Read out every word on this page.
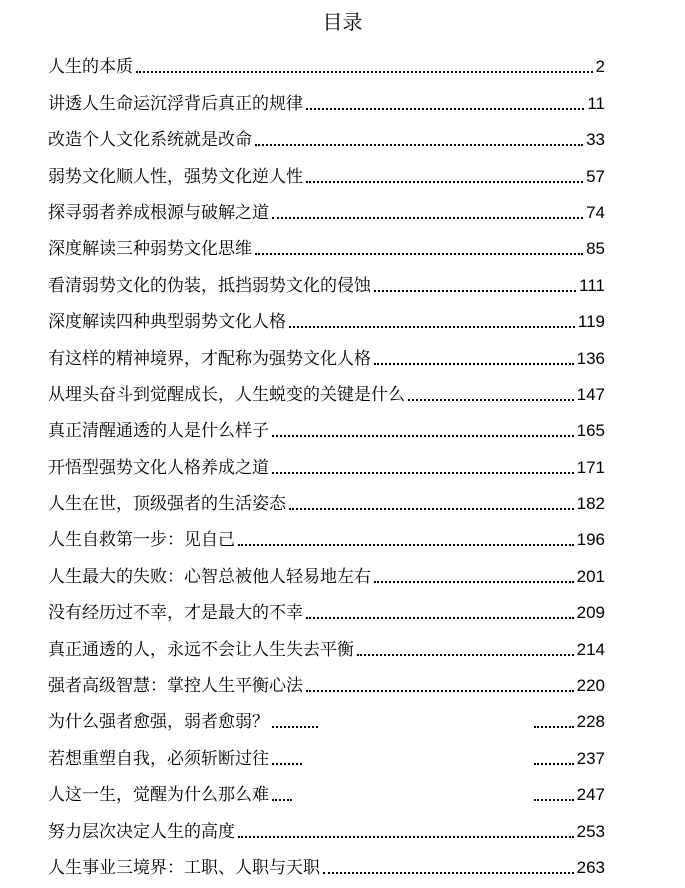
目录
人生的本质	2
讲透人生命运沉浮背后真正的规律	11
改造个人文化系统就是改命	33
弱势文化顺人性，强势文化逆人性	57
探寻弱者养成根源与破解之道	74
深度解读三种弱势文化思维	85
看清弱势文化的伪装，抵挡弱势文化的侵蚀	111
深度解读四种典型弱势文化人格	119
有这样的精神境界，才配称为强势文化人格	136
从埋头奋斗到觉醒成长，人生蜕变的关键是什么	147
真正清醒通透的人是什么样子	165
开悟型强势文化人格养成之道	171
人生在世，顶级强者的生活姿态	182
人生自救第一步：见自己	196
人生最大的失败：心智总被他人轻易地左右	201
没有经历过不幸，才是最大的不幸	209
真正通透的人，永远不会让人生失去平衡	214
强者高级智慧：掌控人生平衡心法	220
为什么强者愈强，弱者愈弱？	228
若想重塑自我，必须斩断过往	237
人这一生，觉醒为什么那么难	247
努力层次决定人生的高度	253
人生事业三境界：工职、人职与天职	263
